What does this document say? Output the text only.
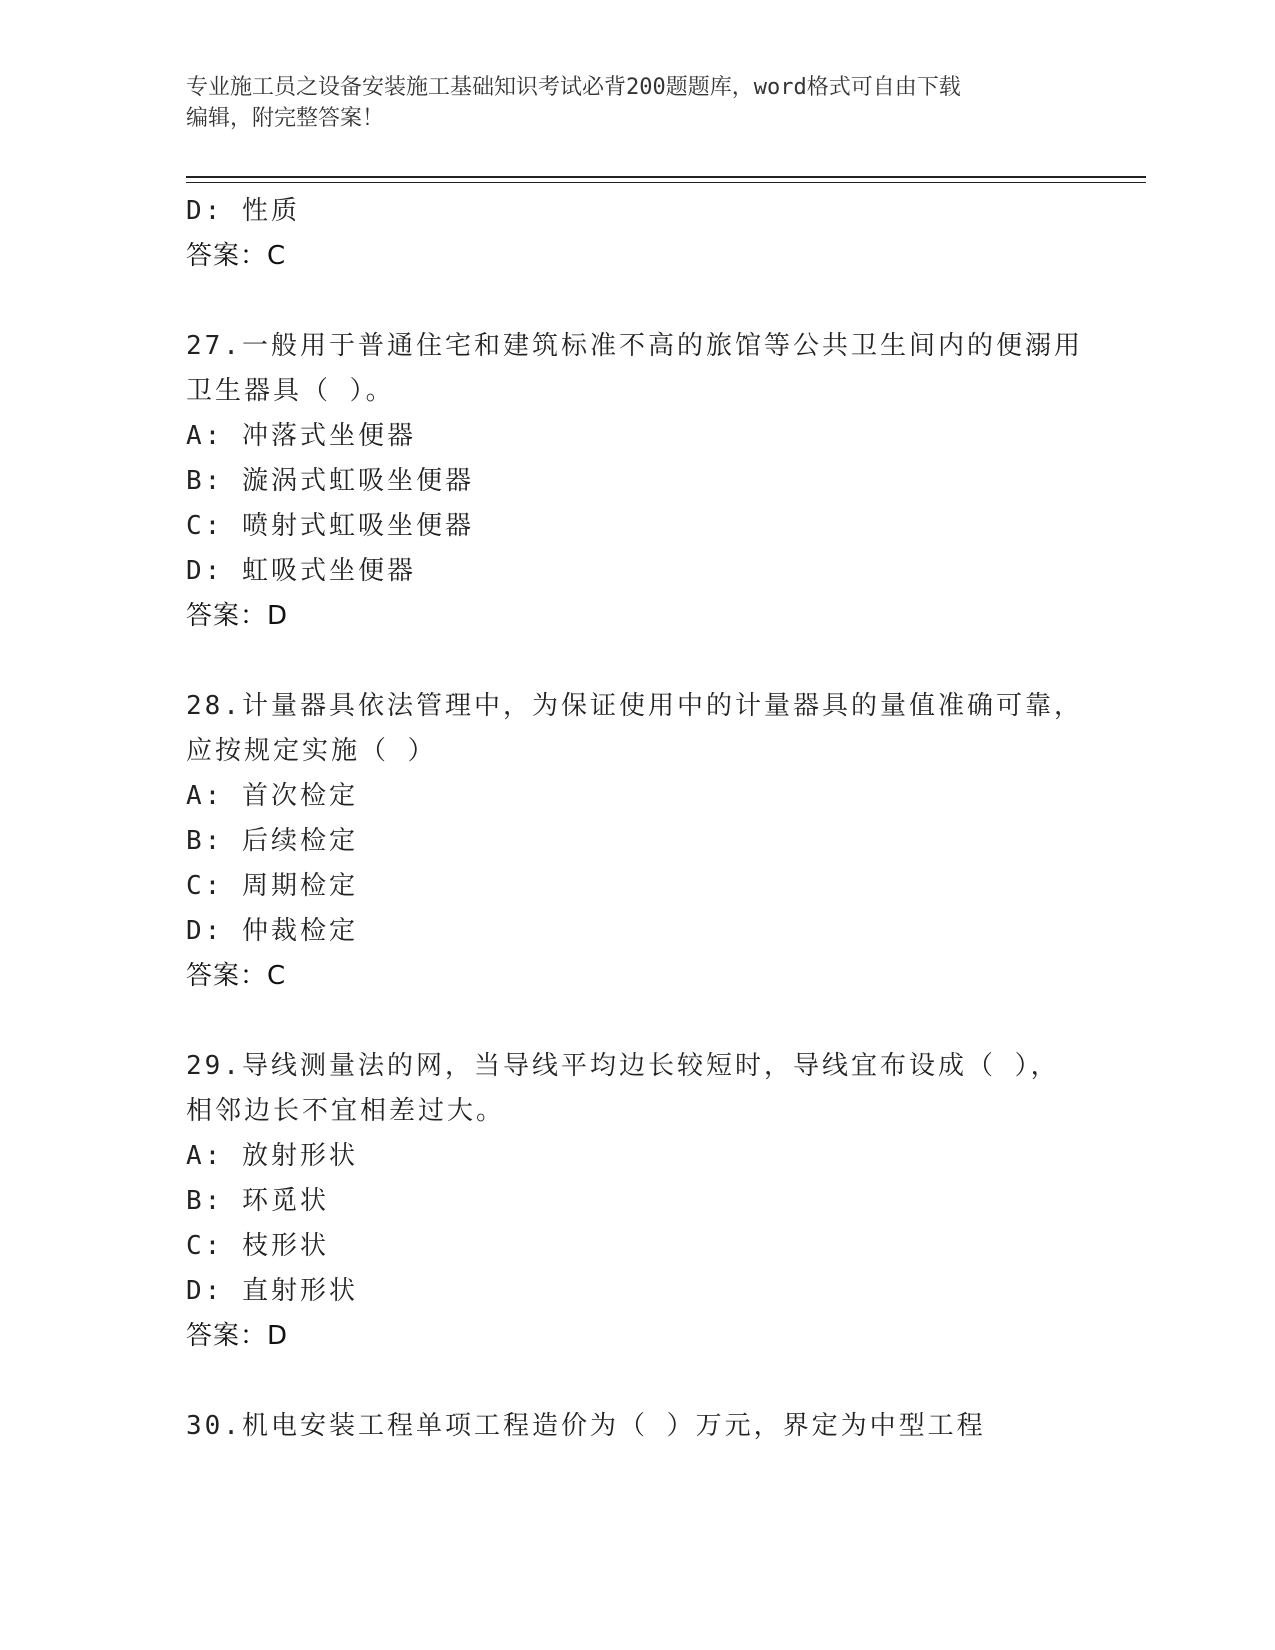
专业施工员之设备安装施工基础知识考试必背200题题库，word格式可自由下载
编辑，附完整答案！
D: 性质
答案：C
27.一般用于普通住宅和建筑标准不高的旅馆等公共卫生间内的便溺用
卫生器具（ ）。
A: 冲落式坐便器
B: 漩涡式虹吸坐便器
C: 喷射式虹吸坐便器
D: 虹吸式坐便器
答案：D
28.计量器具依法管理中，为保证使用中的计量器具的量值准确可靠，
应按规定实施（ ）
A: 首次检定
B: 后续检定
C: 周期检定
D: 仲裁检定
答案：C
29.导线测量法的网，当导线平均边长较短时，导线宜布设成（ ），
相邻边长不宜相差过大。
A: 放射形状
B: 环觅状
C: 枝形状
D: 直射形状
答案：D
30.机电安装工程单项工程造价为（ ）万元，界定为中型工程
